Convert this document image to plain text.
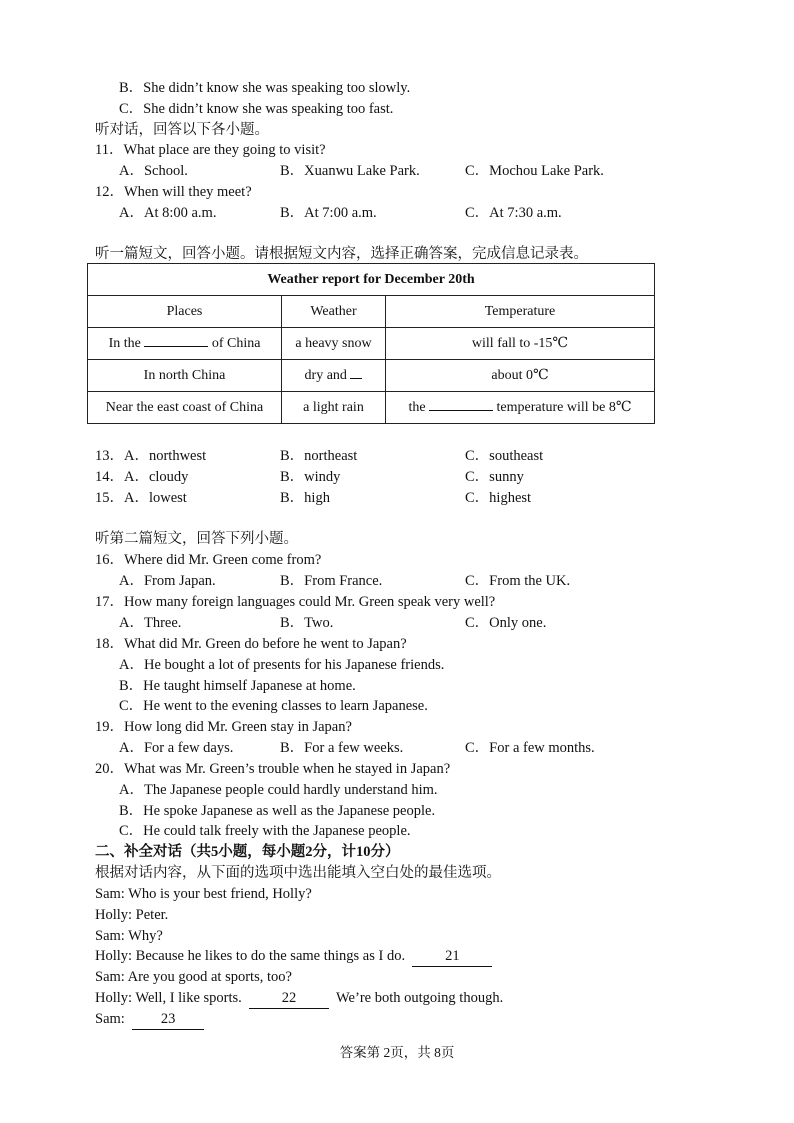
B．She didn’t know she was speaking too slowly.
C．She didn’t know she was speaking too fast.
听对话，回答以下各小题。
11．What place are they going to visit?
A．School.	B．Xuanwu Lake Park.	C．Mochou Lake Park.
12．When will they meet?
A．At 8:00 a.m.	B．At 7:00 a.m.	C．At 7:30 a.m.
听一篇短文，回答小题。请根据短文内容，选择正确答案，完成信息记录表。
Weather report for December 20th		
Places	Weather	Temperature
In the of China	a heavy snow	will fall to -15℃
In north China	dry and	about 0℃
Near the east coast of China	a light rain	the temperature will be 8℃
13．A．northwest	B．northeast	C．southeast
14．A．cloudy	B．windy	C．sunny
15．A．lowest	B．high	C．highest
听第二篇短文，回答下列小题。
16．Where did Mr. Green come from?
A．From Japan.	B．From France.	C．From the UK.
17．How many foreign languages could Mr. Green speak very well?
A．Three.	B．Two.	C．Only one.
18．What did Mr. Green do before he went to Japan?
A．He bought a lot of presents for his Japanese friends.
B．He taught himself Japanese at home.
C．He went to the evening classes to learn Japanese.
19．How long did Mr. Green stay in Japan?
A．For a few days.	B．For a few weeks.	C．For a few months.
20．What was Mr. Green’s trouble when he stayed in Japan?
A．The Japanese people could hardly understand him.
B．He spoke Japanese as well as the Japanese people.
C．He could talk freely with the Japanese people.
二、补全对话（共5小题，每小题2分，计10分）
根据对话内容，从下面的选项中选出能填入空白处的最佳选项。
Sam: Who is your best friend, Holly?
Holly: Peter.
Sam: Why?
Holly: Because he likes to do the same things as I do.	21
Sam: Are you good at sports, too?
Holly: Well, I like sports.	22	We’re both outgoing though.
Sam: 23
答案第 2页，共 8页
